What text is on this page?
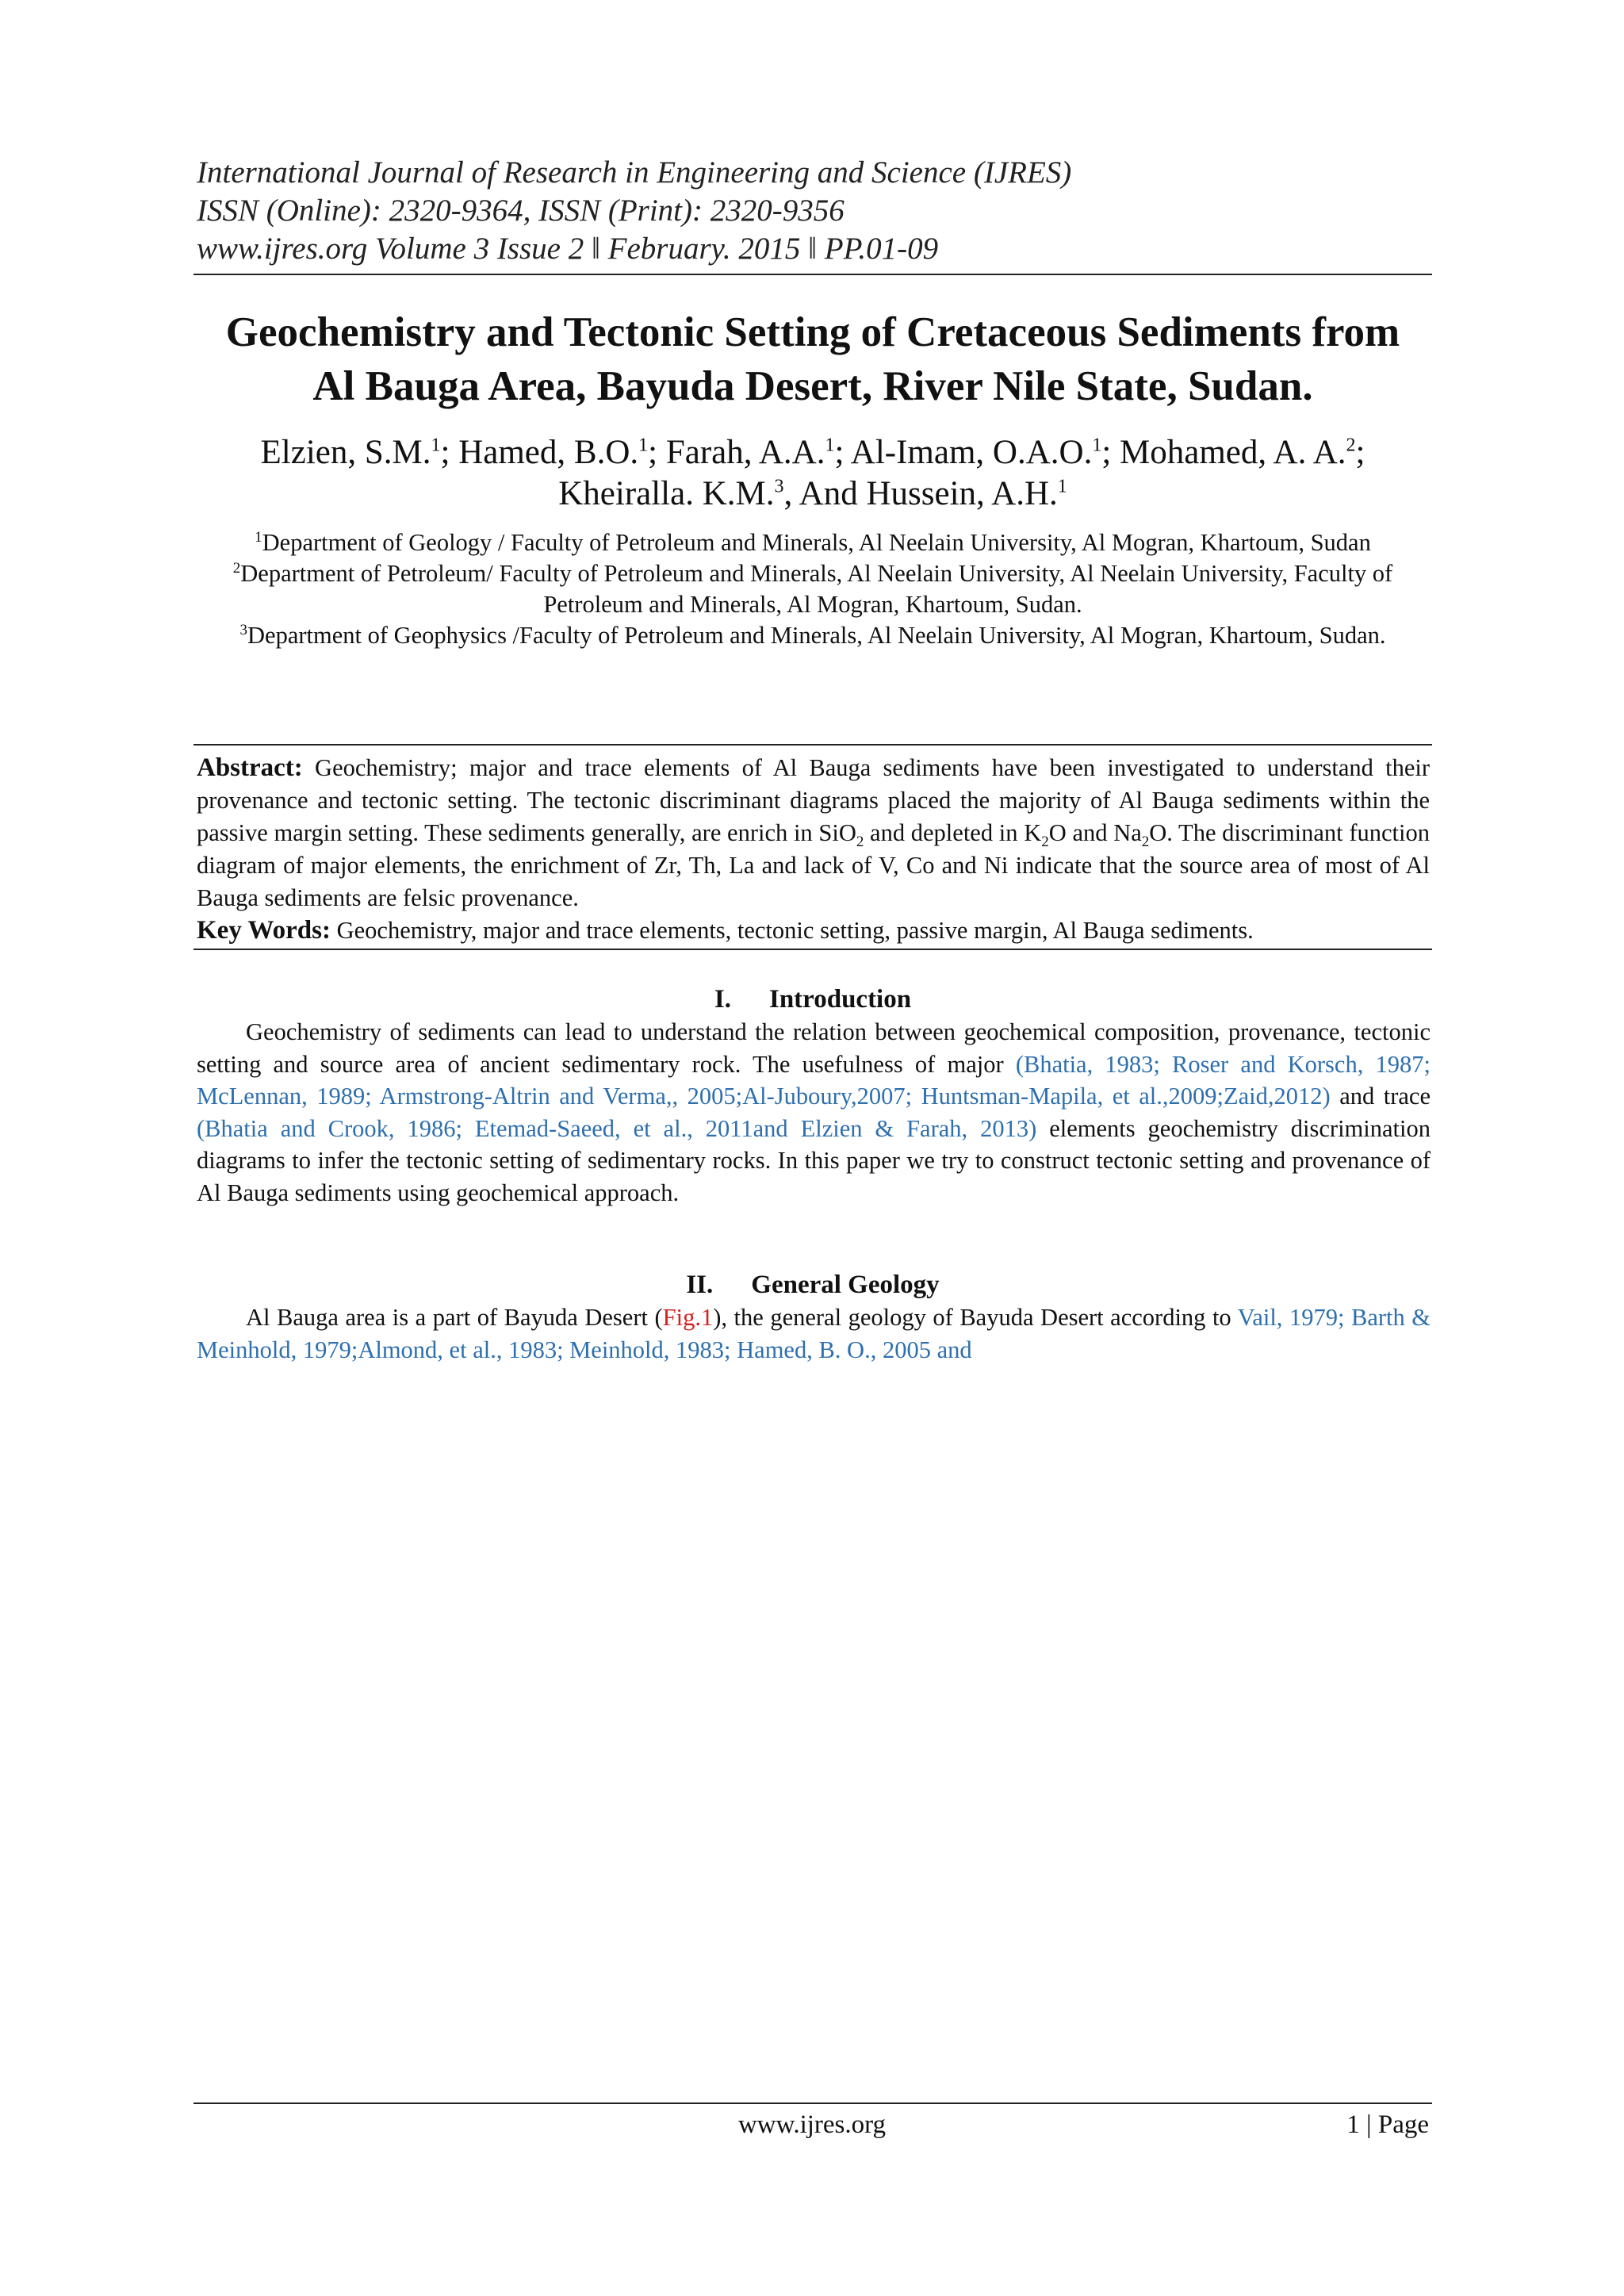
International Journal of Research in Engineering and Science (IJRES)
ISSN (Online): 2320-9364, ISSN (Print): 2320-9356
www.ijres.org Volume 3 Issue 2 ǁ February. 2015 ǁ PP.01-09
Geochemistry and Tectonic Setting of Cretaceous Sediments from
Al Bauga Area, Bayuda Desert, River Nile State, Sudan.
Elzien, S.M.$^1$; Hamed, B.O.$^1$; Farah, A.A.$^1$; Al-Imam, O.A.O.$^1$; Mohamed, A. A.$^2$; Kheiralla. K.M.$^3$, And Hussein, A.H.$^1$

$^1$Department of Geology / Faculty of Petroleum and Minerals, Al Neelain University, Al Mogran, Khartoum, Sudan

$^2$Department of Petroleum/ Faculty of Petroleum and Minerals, Al Neelain University, Al Neelain University, Faculty of Petroleum and Minerals, Al Mogran, Khartoum, Sudan.

$^3$Department of Geophysics /Faculty of Petroleum and Minerals, Al Neelain University, Al Mogran, Khartoum, Sudan.

Abstract: Geochemistry; major and trace elements of Al Bauga sediments have been investigated to understand their provenance and tectonic setting. The tectonic discriminant diagrams placed the majority of Al Bauga sediments within the passive margin setting. These sediments generally, are enrich in SiO$_2$ and depleted in $K_2O$ and $Na_2O$. The discriminant function diagram of major elements, the enrichment of Zr, Th, La and lack of V, Co and Ni indicate that the source area of most of Al Bauga sediments are felsic provenance.

Key Words: Geochemistry, major and trace elements, tectonic setting, passive margin, Al Bauga sediments.

I. Introduction

Geochemistry of sediments can lead to understand the relation between geochemical composition, provenance, tectonic setting and source area of ancient sedimentary rock. The usefulness of major (Bhatia, 1983; Roser and Korsch, 1987; McLennan, 1989; Armstrong-Altrin and Verma,, 2005;Al-Juboury,2007; Huntsman-Mapila, et al.,2009;Zaid,2012) and trace (Bhatia and Crook, 1986; Etemad-Saeed, et al., 2011and Elzien & Farah, 2013) elements geochemistry discrimination diagrams to infer the tectonic setting of sedimentary rocks. In this paper we try to construct tectonic setting and provenance of Al Bauga sediments using geochemical approach.

II. General Geology

Al Bauga area is a part of Bayuda Desert (Fig.1), the general geology of Bayuda Desert according to Vail, 1979; Barth & Meinhold, 1979;Almond, et al., 1983; Meinhold, 1983; Hamed, B. O., 2005 and

www.ijres.org	1 | Page
